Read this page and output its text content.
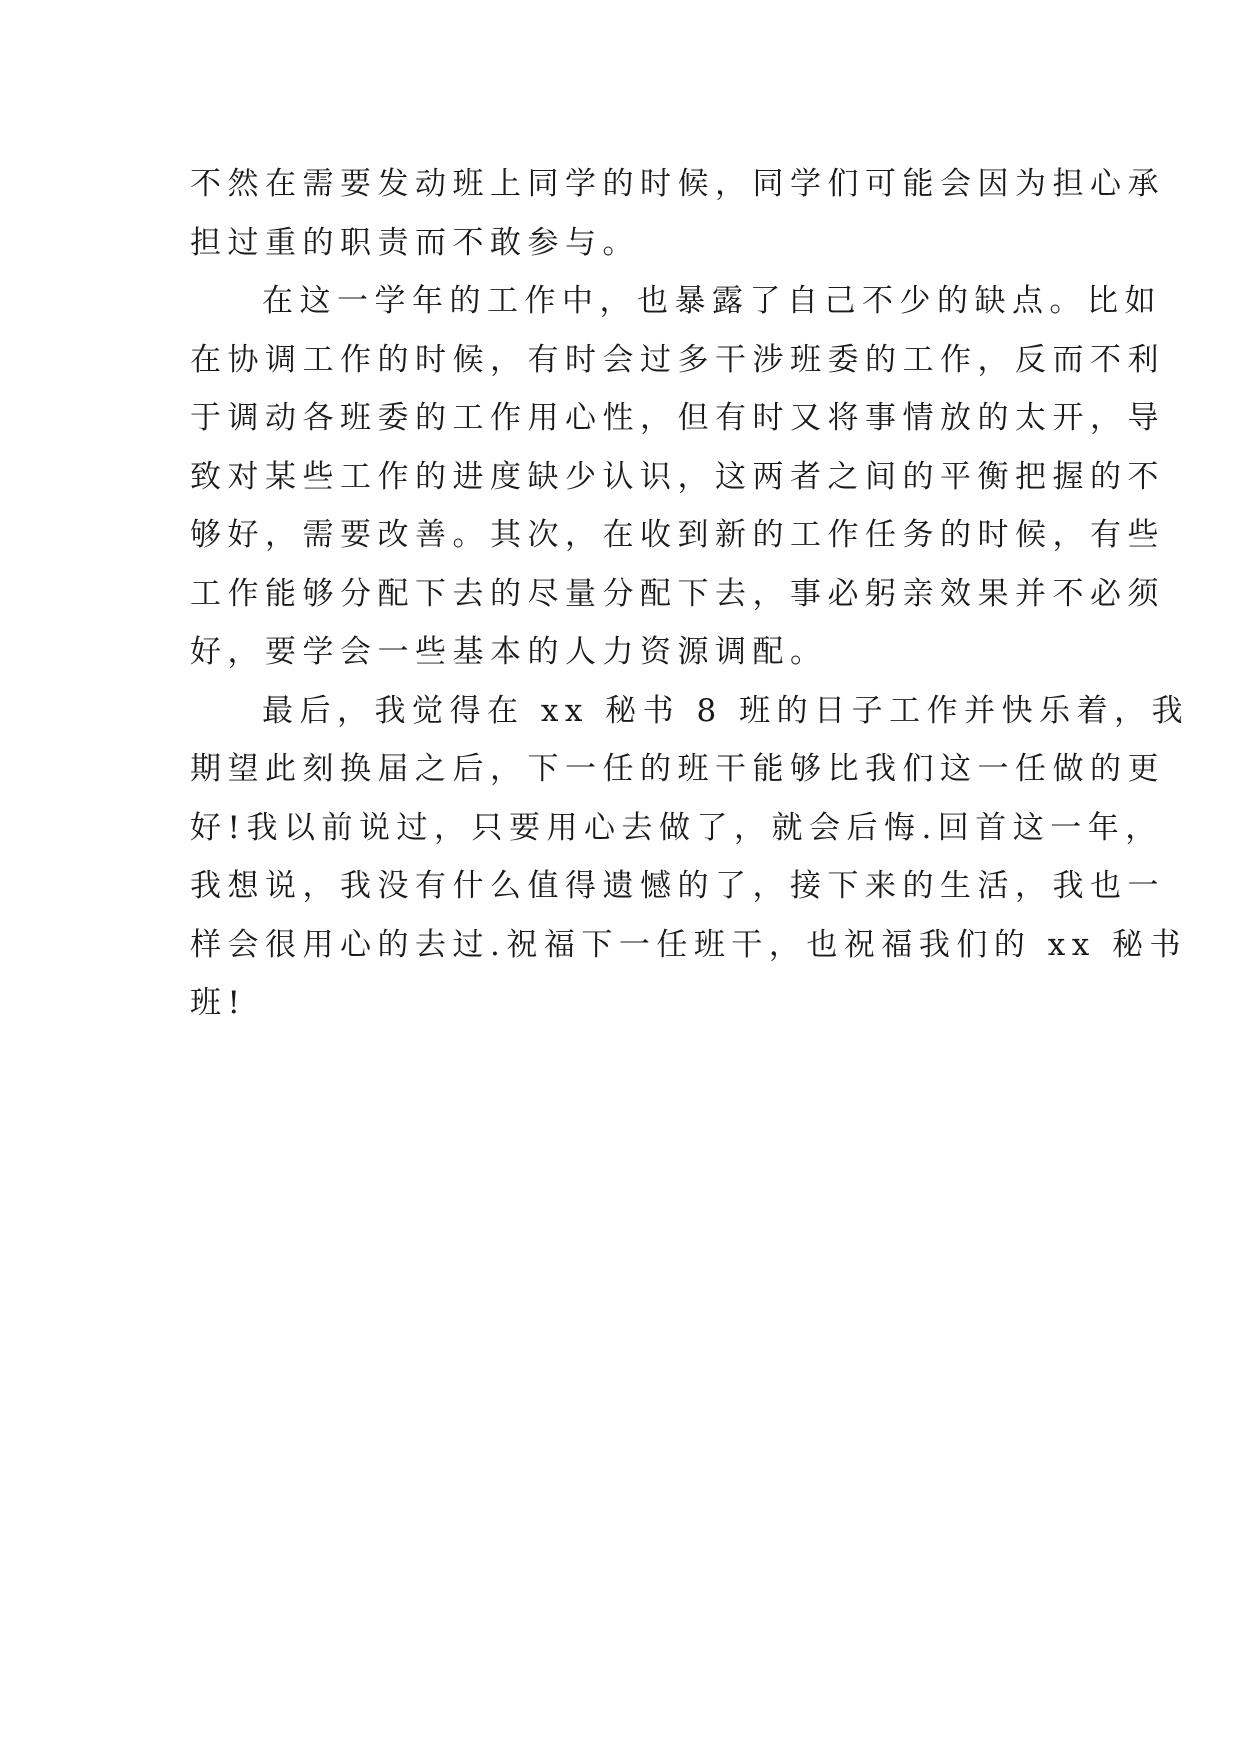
不然在需要发动班上同学的时候，同学们可能会因为担心承
担过重的职责而不敢参与。
在这一学年的工作中，也暴露了自己不少的缺点。比如
在协调工作的时候，有时会过多干涉班委的工作，反而不利
于调动各班委的工作用心性，但有时又将事情放的太开，导
致对某些工作的进度缺少认识，这两者之间的平衡把握的不
够好，需要改善。其次，在收到新的工作任务的时候，有些
工作能够分配下去的尽量分配下去，事必躬亲效果并不必须
好，要学会一些基本的人力资源调配。
最后，我觉得在 xx 秘书 8 班的日子工作并快乐着，我
期望此刻换届之后，下一任的班干能够比我们这一任做的更
好!我以前说过，只要用心去做了，就会后悔.回首这一年，
我想说，我没有什么值得遗憾的了，接下来的生活，我也一
样会很用心的去过.祝福下一任班干，也祝福我们的 xx 秘书
班!
